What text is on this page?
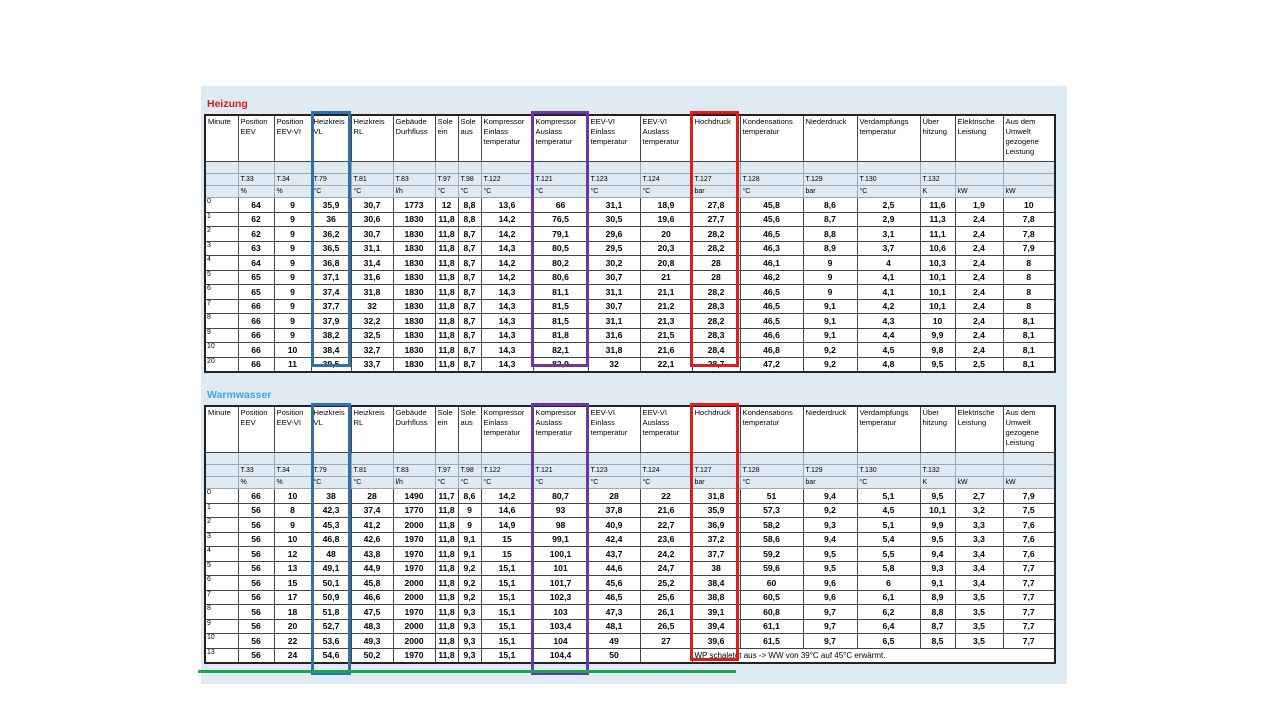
Heizung
Minute	Position EEV	Position EEV-VI	Heizkreis VL	Heizkreis RL	Gebäude Durhfluss	Sole ein	Sole aus	Kompressor Einlass temperatur	Kompressor Auslass temperatur	EEV-VI Einlass temperatur	EEV-VI Auslass temperatur	Hochdruck	Kondensations temperatur	Niederdruck	Verdampfungs temperatur	Über hitzung	Elektrische Leistung	Aus dem Umwelt gezogene Leistung

	T.33	T.34	T.79	T.81	T.83	T.97	T.98	T.122	T.121	T.123	T.124	T.127	T.128	T.129	T.130	T.132		
	%	%	°C	°C	l/h	°C	°C	°C	°C	°C	°C	bar	°C	bar	°C	K	kW	kW
0	64	9	35,9	30,7	1773	12	8,8	13,6	66	31,1	18,9	27,8	45,8	8,6	2,5	11,6	1,9	10
1	62	9	36	30,6	1830	11,8	8,8	14,2	76,5	30,5	19,6	27,7	45,6	8,7	2,9	11,3	2,4	7,8
2	62	9	36,2	30,7	1830	11,8	8,7	14,2	79,1	29,6	20	28,2	46,5	8,8	3,1	11,1	2,4	7,8
3	63	9	36,5	31,1	1830	11,8	8,7	14,3	80,5	29,5	20,3	28,2	46,3	8,9	3,7	10,6	2,4	7,9
4	64	9	36,8	31,4	1830	11,8	8,7	14,2	80,2	30,2	20,8	28	46,1	9	4	10,3	2,4	8
5	65	9	37,1	31,6	1830	11,8	8,7	14,2	80,6	30,7	21	28	46,2	9	4,1	10,1	2,4	8
6	65	9	37,4	31,8	1830	11,8	8,7	14,3	81,1	31,1	21,1	28,2	46,5	9	4,1	10,1	2,4	8
7	66	9	37,7	32	1830	11,8	8,7	14,3	81,5	30,7	21,2	28,3	46,5	9,1	4,2	10,1	2,4	8
8	66	9	37,9	32,2	1830	11,8	8,7	14,3	81,5	31,1	21,3	28,2	46,5	9,1	4,3	10	2,4	8,1
9	66	9	38,2	32,5	1830	11,8	8,7	14,3	81,8	31,6	21,5	28,3	46,6	9,1	4,4	9,9	2,4	8,1
10	66	10	38,4	32,7	1830	11,8	8,7	14,3	82,1	31,8	21,6	28,4	46,8	9,2	4,5	9,8	2,4	8,1
20	66	11	39,5	33,7	1830	11,8	8,7	14,3	82,9	32	22,1	28,7	47,2	9,2	4,8	9,5	2,5	8,1
Warmwasser
Minute	Position EEV	Position EEV-VI	Heizkreis VL	Heizkreis RL	Gebäude Durhfluss	Sole ein	Sole aus	Kompressor Einlass temperatur	Kompressor Auslass temperatur	EEV-VI Einlass temperatur	EEV-VI Auslass temperatur	Hochdruck	Kondensations temperatur	Niederdruck	Verdampfungs temperatur	Über hitzung	Elektrische Leistung	Aus dem Umwelt gezogene Leistung

	T.33	T.34	T.79	T.81	T.83	T.97	T.98	T.122	T.121	T.123	T.124	T.127	T.128	T.129	T.130	T.132		
	%	%	°C	°C	l/h	°C	°C	°C	°C	°C	°C	bar	°C	bar	°C	K	kW	kW
0	66	10	38	28	1490	11,7	8,6	14,2	80,7	28	22	31,8	51	9,4	5,1	9,5	2,7	7,9
1	56	8	42,3	37,4	1770	11,8	9	14,6	93	37,8	21,6	35,9	57,3	9,2	4,5	10,1	3,2	7,5
2	56	9	45,3	41,2	2000	11,8	9	14,9	98	40,9	22,7	36,9	58,2	9,3	5,1	9,9	3,3	7,6
3	56	10	46,8	42,6	1970	11,8	9,1	15	99,1	42,4	23,6	37,2	58,6	9,4	5,4	9,5	3,3	7,6
4	56	12	48	43,8	1970	11,8	9,1	15	100,1	43,7	24,2	37,7	59,2	9,5	5,5	9,4	3,4	7,6
5	56	13	49,1	44,9	1970	11,8	9,2	15,1	101	44,6	24,7	38	59,6	9,5	5,8	9,3	3,4	7,7
6	56	15	50,1	45,8	2000	11,8	9,2	15,1	101,7	45,6	25,2	38,4	60	9,6	6	9,1	3,4	7,7
7	56	17	50,9	46,6	2000	11,8	9,2	15,1	102,3	46,5	25,6	38,8	60,5	9,6	6,1	8,9	3,5	7,7
8	56	18	51,8	47,5	1970	11,8	9,3	15,1	103	47,3	26,1	39,1	60,8	9,7	6,2	8,8	3,5	7,7
9	56	20	52,7	48,3	2000	11,8	9,3	15,1	103,4	48,1	26,5	39,4	61,1	9,7	6,4	8,7	3,5	7,7
10	56	22	53,6	49,3	2000	11,8	9,3	15,1	104	49	27	39,6	61,5	9,7	6,5	8,5	3,5	7,7
13	56	24	54,6	50,2	1970	11,8	9,3	15,1	104,4	50		WP schaletet aus -> WW von 39°C auf 45°C erwärmt.						
